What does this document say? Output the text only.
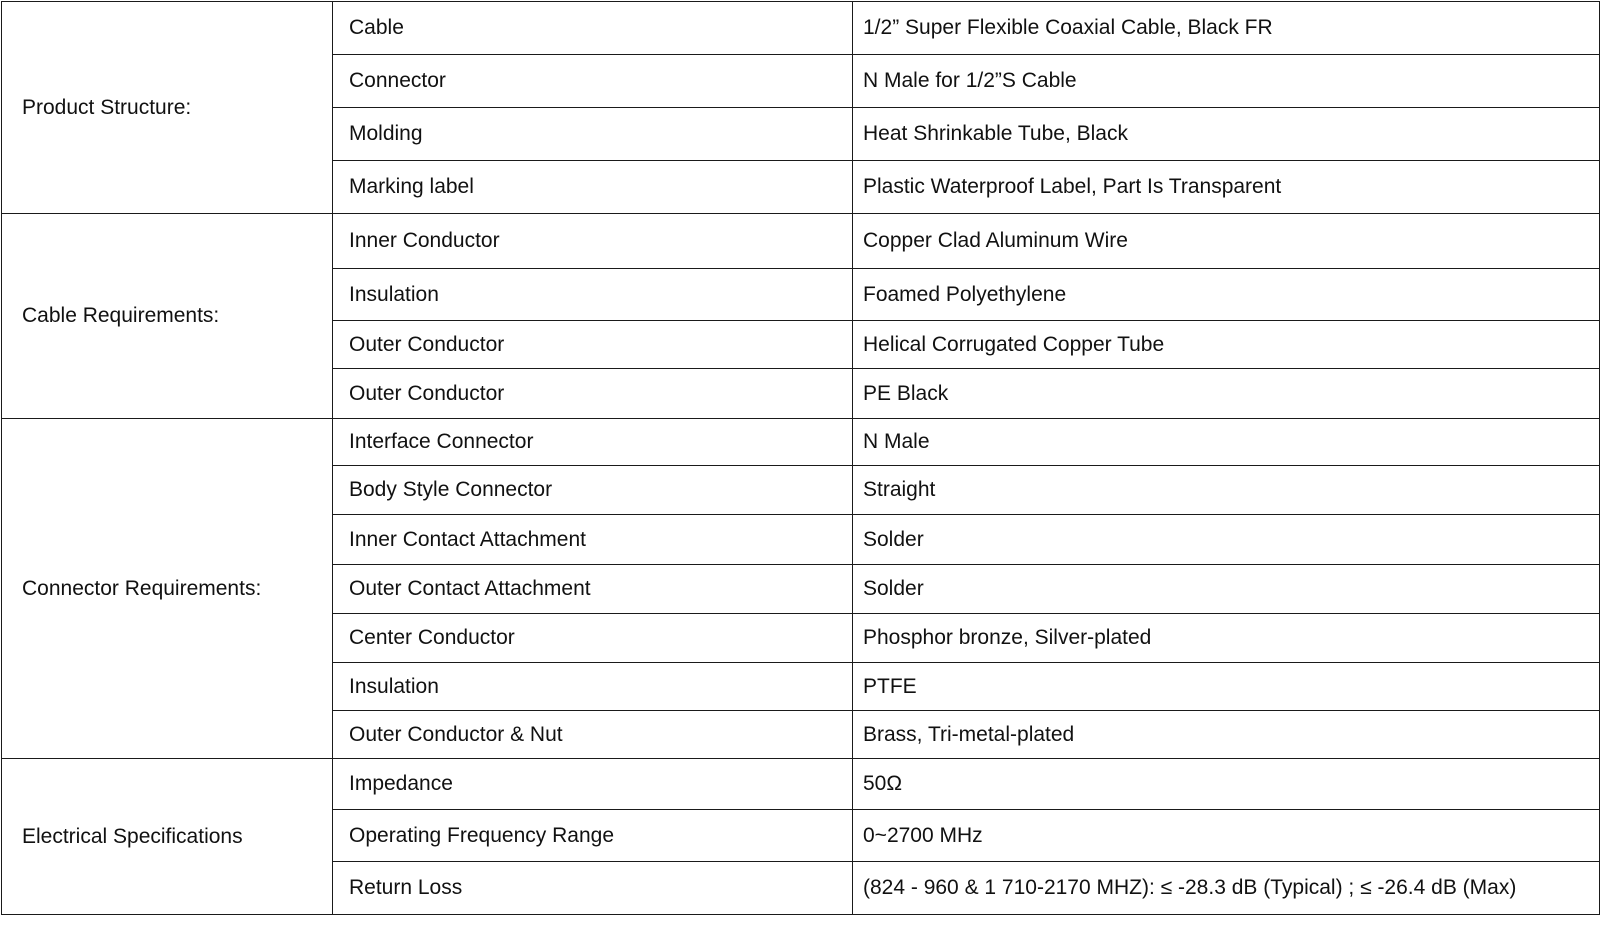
Product Structure:	Cable	1/2” Super Flexible Coaxial Cable, Black FR
	Connector	N Male for 1/2”S Cable
	Molding	Heat Shrinkable Tube, Black
	Marking label	Plastic Waterproof Label, Part Is Transparent
Cable Requirements:	Inner Conductor	Copper Clad Aluminum Wire
	Insulation	Foamed Polyethylene
	Outer Conductor	Helical Corrugated Copper Tube
	Outer Conductor	PE Black
Connector Requirements:	Interface Connector	N Male
	Body Style Connector	Straight
	Inner Contact Attachment	Solder
	Outer Contact Attachment	Solder
	Center Conductor	Phosphor bronze, Silver-plated
	Insulation	PTFE
	Outer Conductor & Nut	Brass, Tri-metal-plated
Electrical Specifications	Impedance	50Ω
	Operating Frequency Range	0~2700 MHz
	Return Loss	(824 - 960 & 1 710-2170 MHZ): ≤ -28.3 dB (Typical) ; ≤ -26.4 dB (Max)
